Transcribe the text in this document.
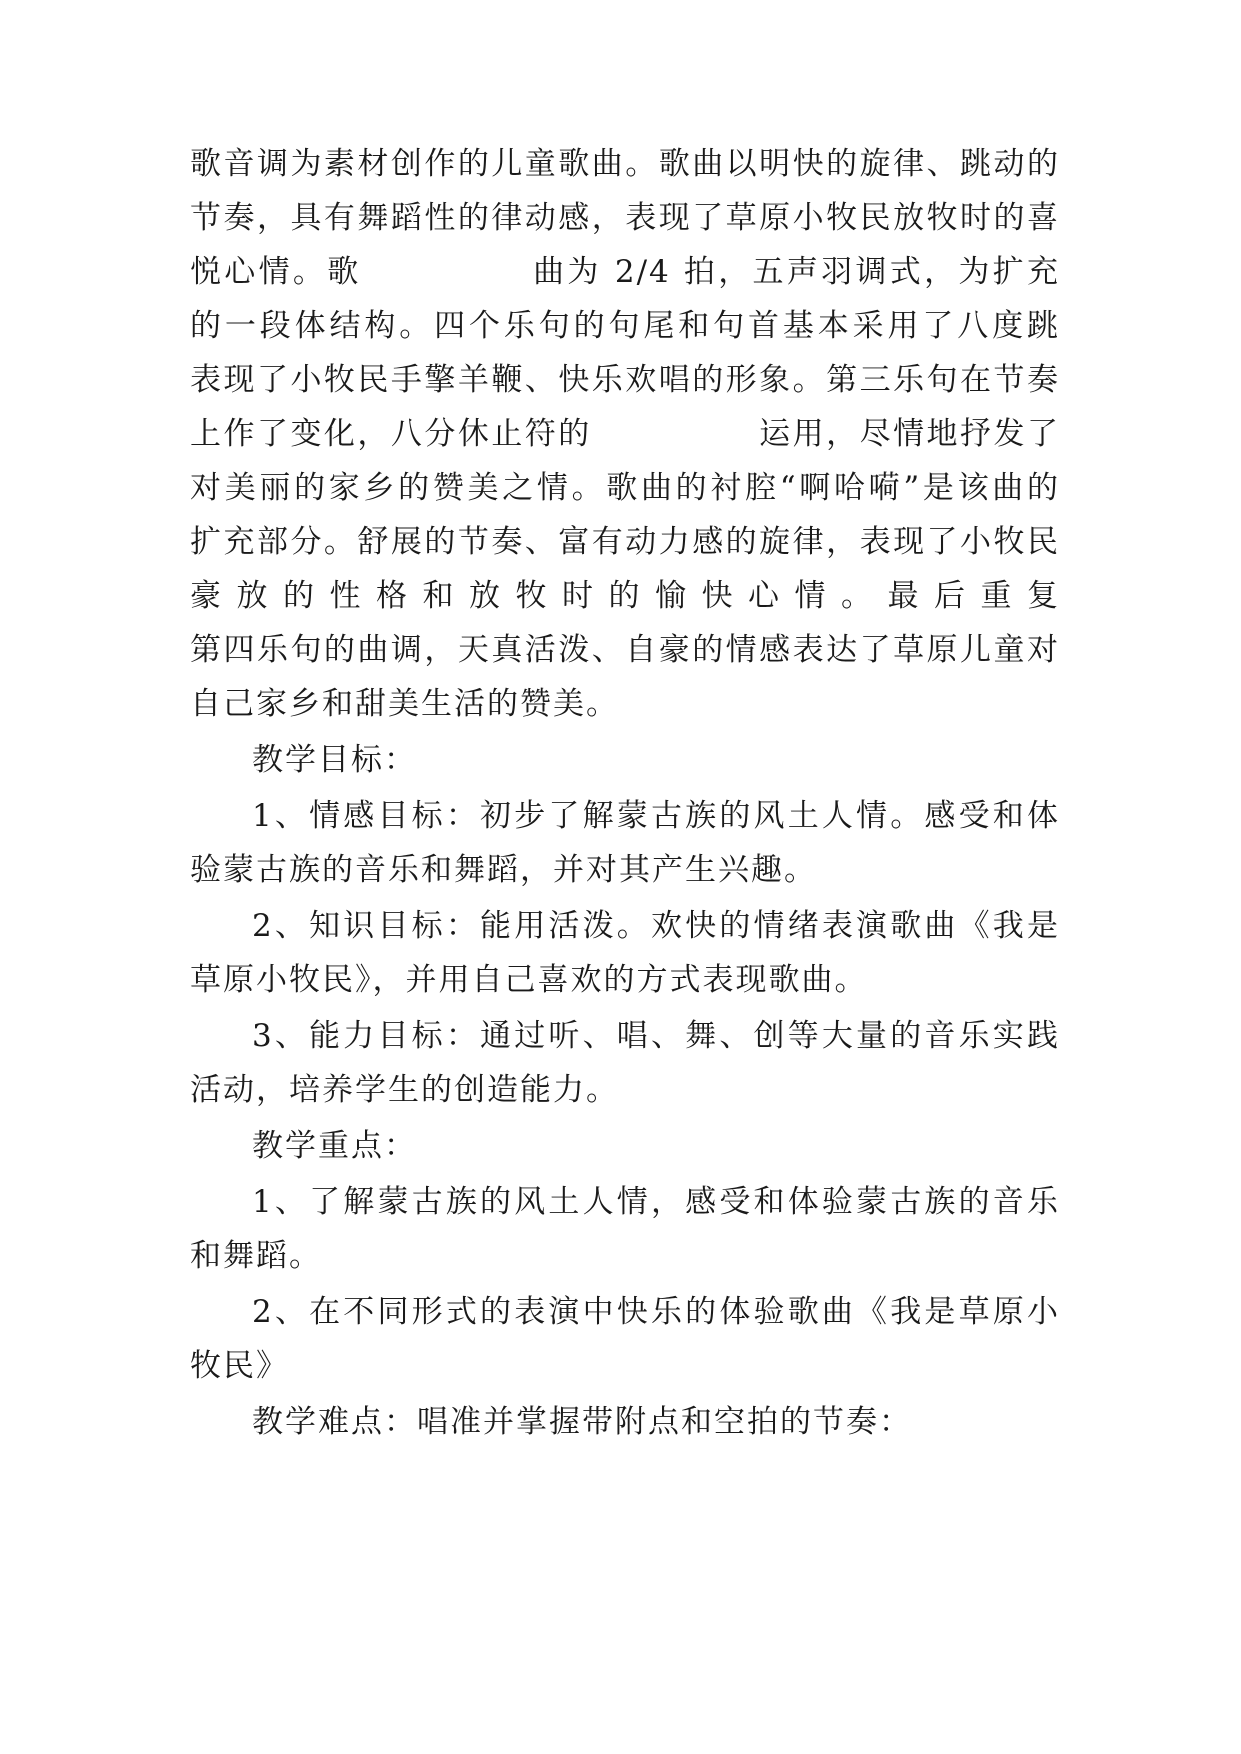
歌音调为素材创作的儿童歌曲。歌曲以明快的旋律、跳动的
节奏，具有舞蹈性的律动感，表现了草原小牧民放牧时的喜
悦心情。歌　　　　　曲为 2/4 拍，五声羽调式，为扩充
的一段体结构。四个乐句的句尾和句首基本采用了八度跳
表现了小牧民手擎羊鞭、快乐欢唱的形象。第三乐句在节奏
上作了变化，八分休止符的　　　　　运用，尽情地抒发了
对美丽的家乡的赞美之情。歌曲的衬腔“啊哈嗬”是该曲的
扩充部分。舒展的节奏、富有动力感的旋律，表现了小牧民
豪放的性格和放牧时的愉快心情。最后重复　　　　　　
第四乐句的曲调，天真活泼、自豪的情感表达了草原儿童对
自己家乡和甜美生活的赞美。
教学目标：
1、情感目标：初步了解蒙古族的风土人情。感受和体
验蒙古族的音乐和舞蹈，并对其产生兴趣。
2、知识目标：能用活泼。欢快的情绪表演歌曲《我是
草原小牧民》，并用自己喜欢的方式表现歌曲。
3、能力目标：通过听、唱、舞、创等大量的音乐实践
活动，培养学生的创造能力。
教学重点：
1、了解蒙古族的风土人情，感受和体验蒙古族的音乐
和舞蹈。
2、在不同形式的表演中快乐的体验歌曲《我是草原小
牧民》
教学难点：唱准并掌握带附点和空拍的节奏：
